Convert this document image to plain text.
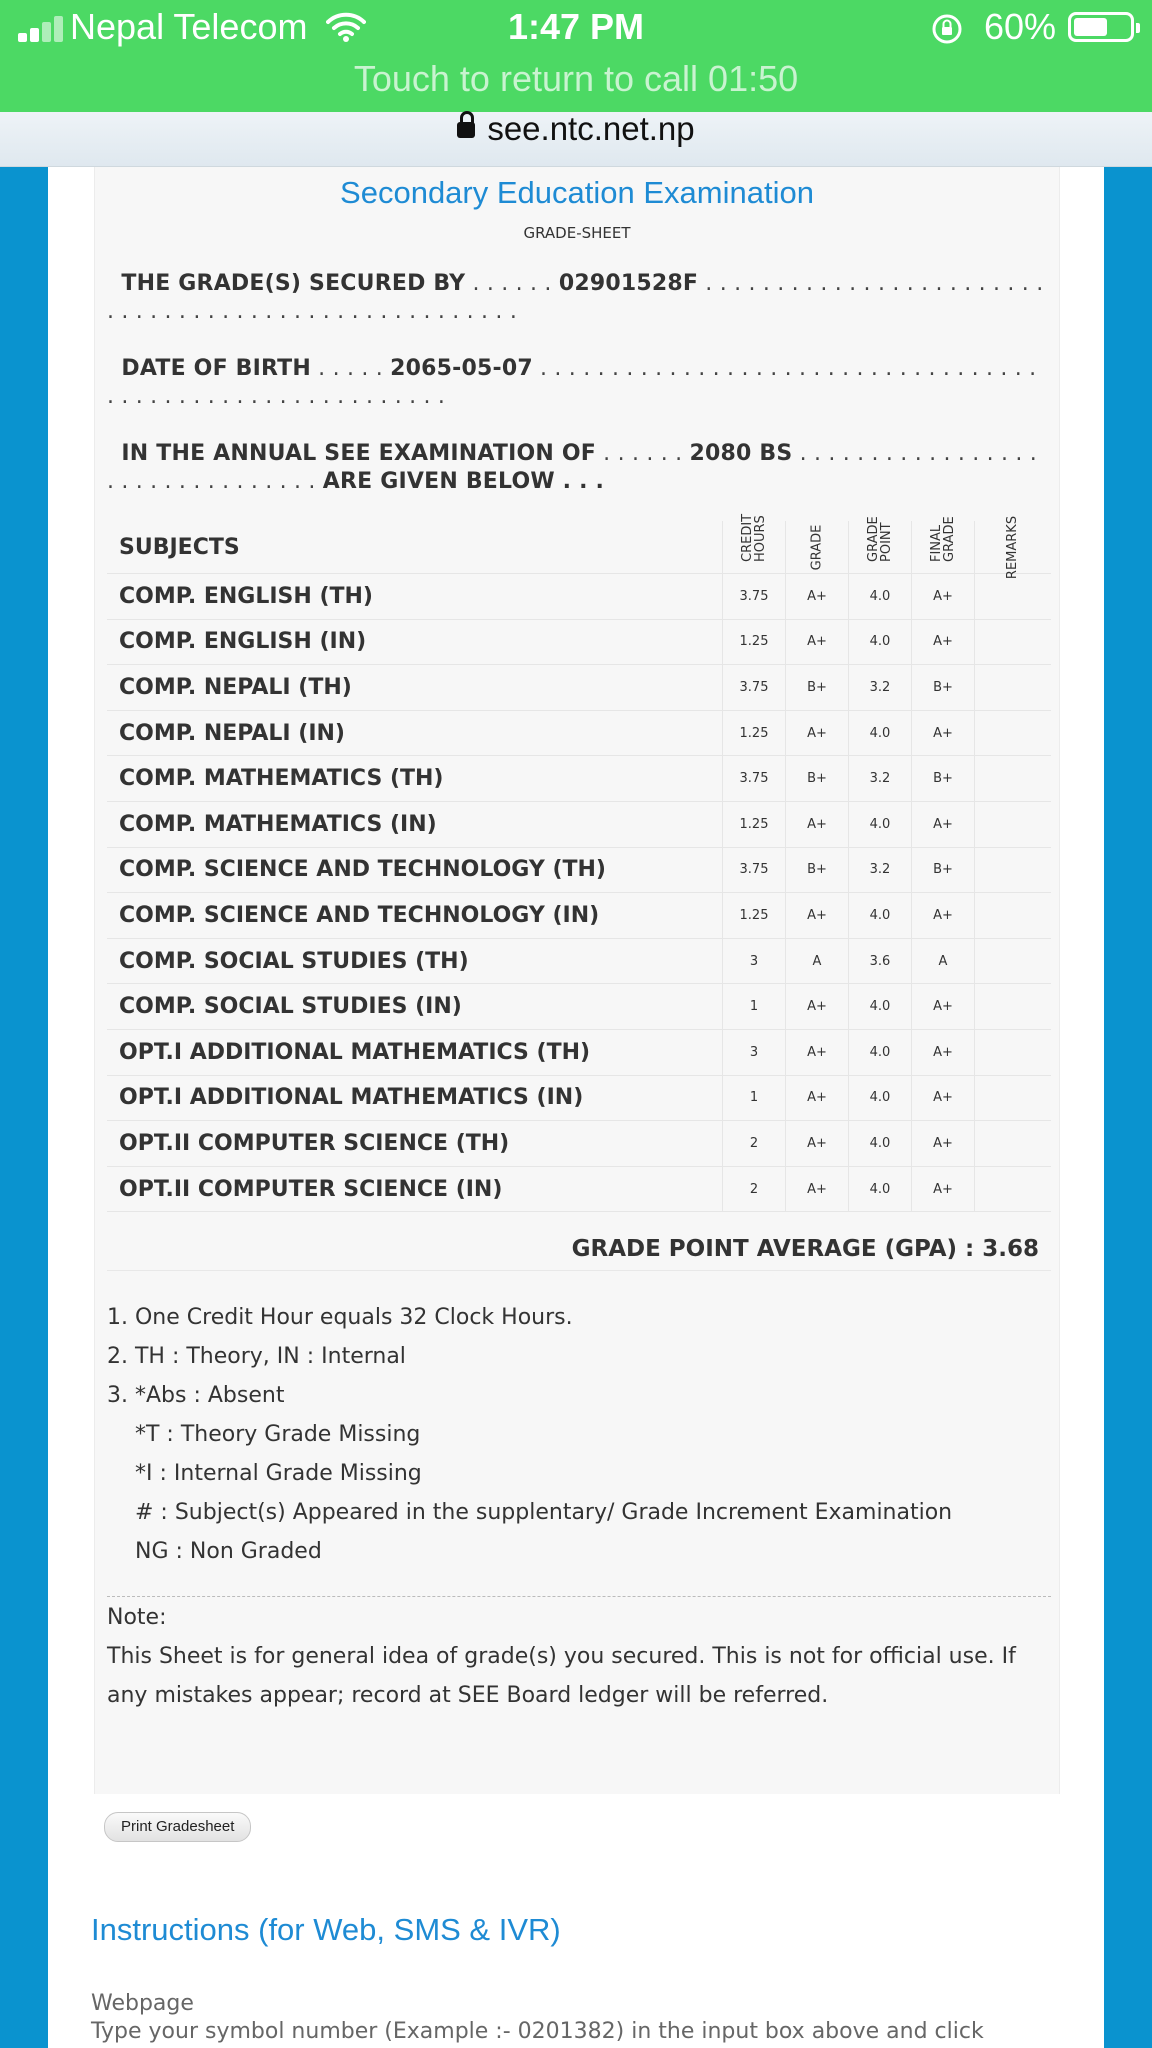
Nepal Telecom	1:47 PM	60%
Touch to return to call 01:50
see.ntc.net.np
Secondary Education Examination
GRADE-SHEET
THE GRADE(S) SECURED BY . . . . . . 02901528F . . . . . . . . . . . . . . . . . . . . . . . . . . . . . . . . . . . . . . . . . . . . . . . . . . . . .
DATE OF BIRTH . . . . . 2065-05-07 . . . . . . . . . . . . . . . . . . . . . . . . . . . . . . . . . . . . . . . . . . . . . . . . . . . . . . . . . . .
IN THE ANNUAL SEE EXAMINATION OF . . . . . . 2080 BS . . . . . . . . . . . . . . . . . . . . . . . . . . . . . . . . ARE GIVEN BELOW . . .
SUBJECTS	CREDIT HOURS	GRADE	GRADE POINT	FINAL GRADE	REMARKS
COMP. ENGLISH (TH)	3.75	A+	4.0	A+	
COMP. ENGLISH (IN)	1.25	A+	4.0	A+	
COMP. NEPALI (TH)	3.75	B+	3.2	B+	
COMP. NEPALI (IN)	1.25	A+	4.0	A+	
COMP. MATHEMATICS (TH)	3.75	B+	3.2	B+	
COMP. MATHEMATICS (IN)	1.25	A+	4.0	A+	
COMP. SCIENCE AND TECHNOLOGY (TH)	3.75	B+	3.2	B+	
COMP. SCIENCE AND TECHNOLOGY (IN)	1.25	A+	4.0	A+	
COMP. SOCIAL STUDIES (TH)	3	A	3.6	A	
COMP. SOCIAL STUDIES (IN)	1	A+	4.0	A+	
OPT.I ADDITIONAL MATHEMATICS (TH)	3	A+	4.0	A+	
OPT.I ADDITIONAL MATHEMATICS (IN)	1	A+	4.0	A+	
OPT.II COMPUTER SCIENCE (TH)	2	A+	4.0	A+	
OPT.II COMPUTER SCIENCE (IN)	2	A+	4.0	A+	
GRADE POINT AVERAGE (GPA) : 3.68
1. One Credit Hour equals 32 Clock Hours.
2. TH : Theory, IN : Internal
3. *Abs : Absent
*T : Theory Grade Missing
*I : Internal Grade Missing
# : Subject(s) Appeared in the supplentary/ Grade Increment Examination
NG : Non Graded
Note:
This Sheet is for general idea of grade(s) you secured. This is not for official use. If any mistakes appear; record at SEE Board ledger will be referred.
Print Gradesheet
Instructions (for Web, SMS & IVR)
Webpage
Type your symbol number (Example :- 0201382) in the input box above and click
